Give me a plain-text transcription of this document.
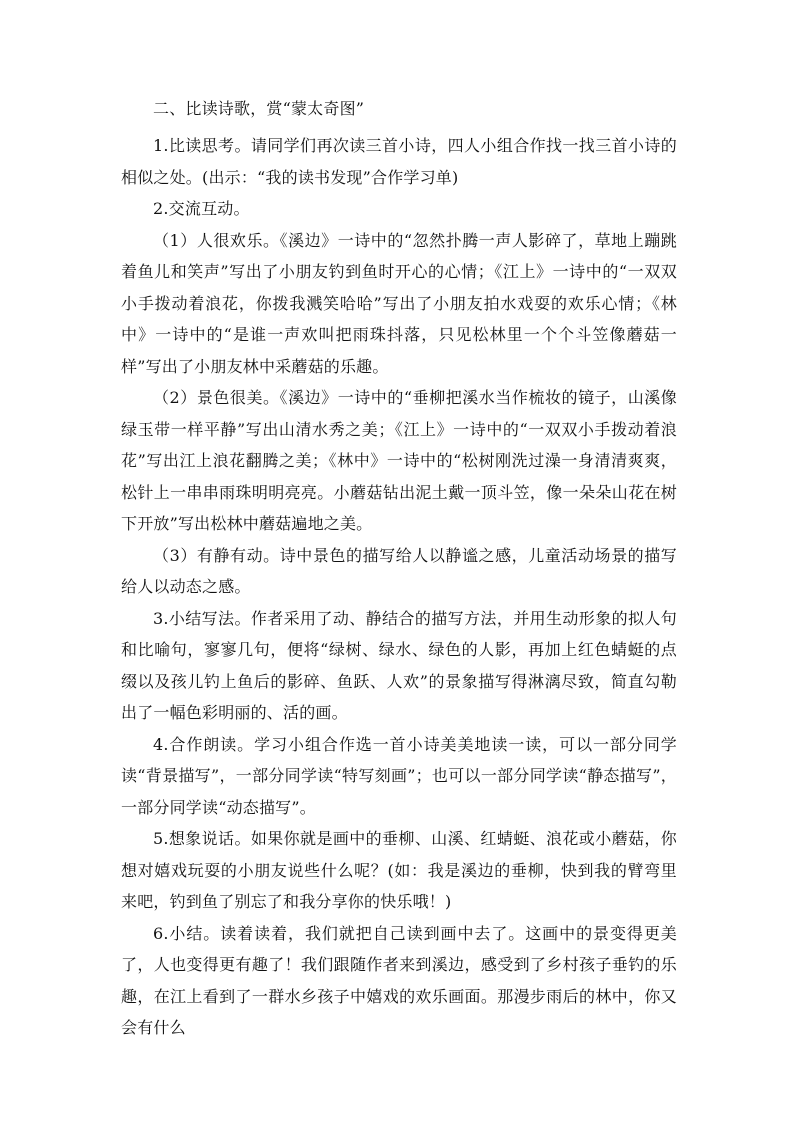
二、比读诗歌，赏“蒙太奇图”

1.比读思考。请同学们再次读三首小诗，四人小组合作找一找三首小诗的相似之处。(出示：“我的读书发现”合作学习单)

2.交流互动。

（1）人很欢乐。《溪边》一诗中的“忽然扑腾一声人影碎了，草地上蹦跳着鱼儿和笑声”写出了小朋友钓到鱼时开心的心情；《江上》一诗中的“一双双小手拨动着浪花，你拨我溅笑哈哈”写出了小朋友拍水戏耍的欢乐心情；《林中》一诗中的“是谁一声欢叫把雨珠抖落，只见松林里一个个斗笠像蘑菇一样”写出了小朋友林中采蘑菇的乐趣。

（2）景色很美。《溪边》一诗中的“垂柳把溪水当作梳妆的镜子，山溪像绿玉带一样平静”写出山清水秀之美；《江上》一诗中的“一双双小手拨动着浪花”写出江上浪花翻腾之美；《林中》一诗中的“松树刚洗过澡一身清清爽爽，松针上一串串雨珠明明亮亮。小蘑菇钻出泥土戴一顶斗笠，像一朵朵山花在树下开放”写出松林中蘑菇遍地之美。

（3）有静有动。诗中景色的描写给人以静谧之感，儿童活动场景的描写给人以动态之感。

3.小结写法。作者采用了动、静结合的描写方法，并用生动形象的拟人句和比喻句，寥寥几句，便将“绿树、绿水、绿色的人影，再加上红色蜻蜓的点缀以及孩儿钓上鱼后的影碎、鱼跃、人欢”的景象描写得淋漓尽致，简直勾勒出了一幅色彩明丽的、活的画。

4.合作朗读。学习小组合作选一首小诗美美地读一读，可以一部分同学读“背景描写”，一部分同学读“特写刻画”；也可以一部分同学读“静态描写”，一部分同学读“动态描写”。

5.想象说话。如果你就是画中的垂柳、山溪、红蜻蜓、浪花或小蘑菇，你想对嬉戏玩耍的小朋友说些什么呢？(如：我是溪边的垂柳，快到我的臂弯里来吧，钓到鱼了别忘了和我分享你的快乐哦！)

6.小结。读着读着，我们就把自己读到画中去了。这画中的景变得更美了，人也变得更有趣了！我们跟随作者来到溪边，感受到了乡村孩子垂钓的乐趣，在江上看到了一群水乡孩子中嬉戏的欢乐画面。那漫步雨后的林中，你又会有什么
